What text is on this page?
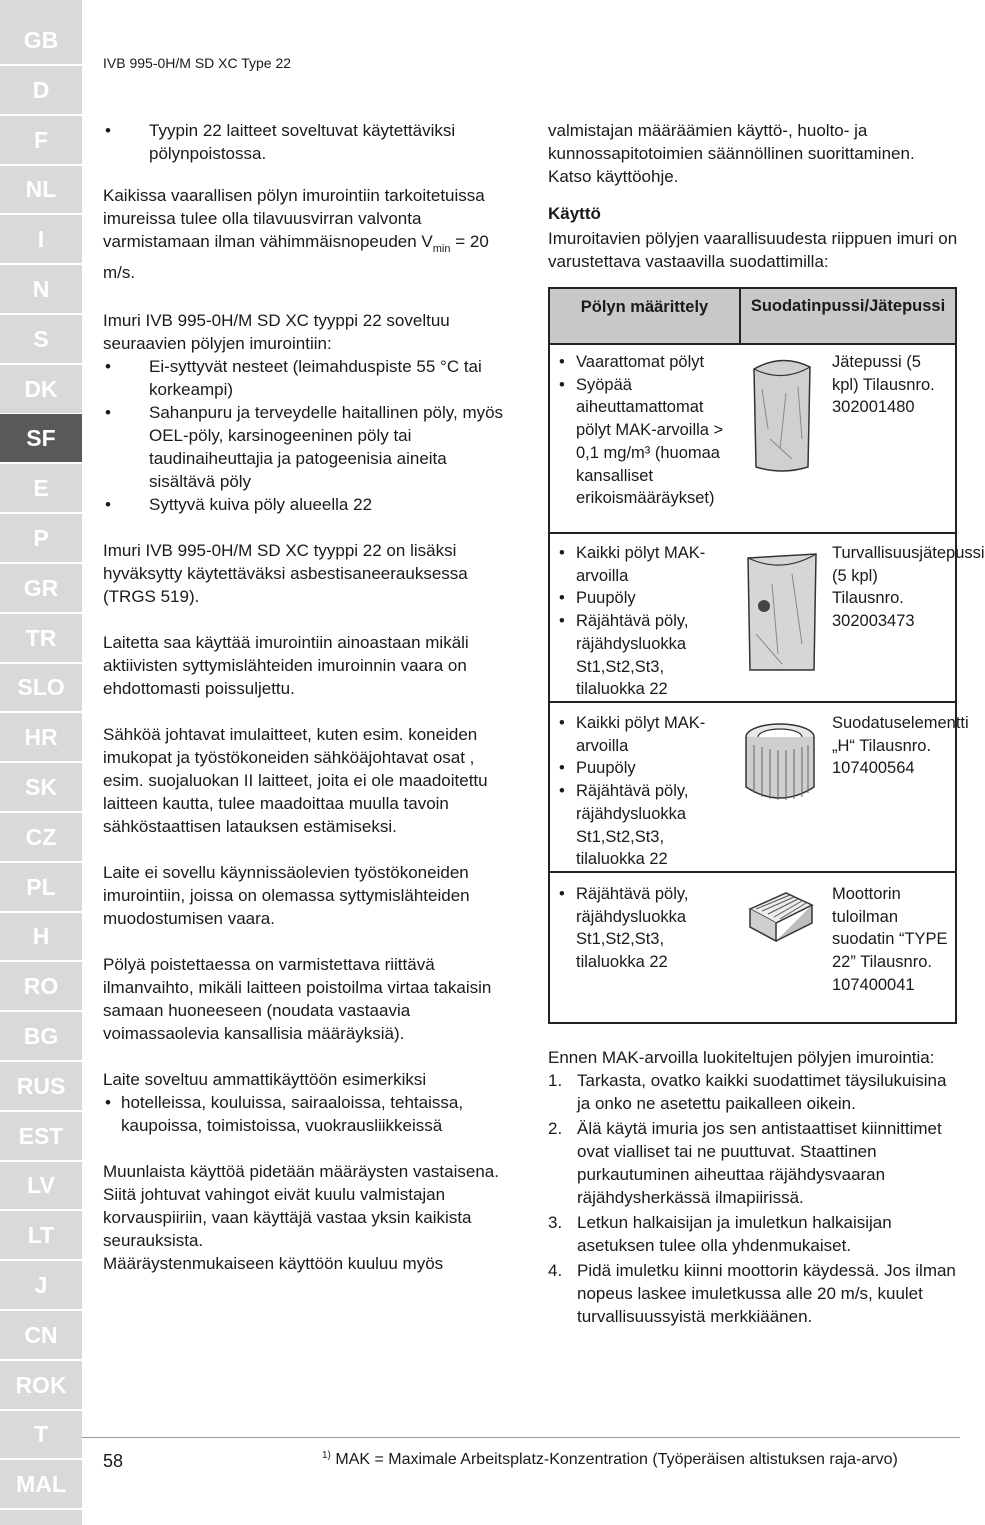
GB
D
F
NL
I
N
S
DK
SF
E
P
GR
TR
SLO
HR
SK
CZ
PL
H
RO
BG
RUS
EST
LV
LT
J
CN
ROK
T
MAL
IVB 995-0H/M SD XC Type 22

• Tyypin 22 laitteet soveltuvat käytettäviksi pölynpoistossa.

Kaikissa vaarallisen pölyn imurointiin tarkoitetuissa imureissa tulee olla tilavuusvirran valvonta varmistamaan ilman vähimmäisnopeuden $V_{min} = 20$ m/s.

Imuri IVB 995-0H/M SD XC tyyppi 22 soveltuu seuraavien pölyjen imurointiin:

• Ei-syttyvät nesteet (leimahduspiste 55 °C tai korkeampi)

• Sahanpuru ja terveydelle haitallinen pöly, myös OEL-pöly, karsinogeeninen pöly tai taudinaiheuttajia ja patogeenisia aineita sisältävä pöly

• Syttyvä kuiva pöly alueella 22

Imuri IVB 995-0H/M SD XC tyyppi 22 on lisäksi hyväksytty käytettäväksi asbestisaneerauksessa (TRGS 519).

Laitetta saa käyttää imurointiin ainoastaan mikäli aktiivisten syttymislähteiden imuroinnin vaara on ehdottomasti poissuljettu.

Sähköä johtavat imulaitteet, kuten esim. koneiden imukopat ja työstökoneiden sähköäjohtavat osat , esim. suojaluokan II laitteet, joita ei ole maadoitettu laitteen kautta, tulee maadoittaa muulla tavoin sähköstaattisen latauksen estämiseksi.

Laite ei sovellu käynnissäolevien työstökoneiden imurointiin, joissa on olemassa syttymislähteiden muodostumisen vaara.

Pölyä poistettaessa on varmistettava riittävä ilmanvaihto, mikäli laitteen poistoilma virtaa takaisin samaan huoneeseen (noudata vastaavia voimassaolevia kansallisia määräyksiä).

Laite soveltuu ammattikäyttöön esimerkiksi

• hotelleissa, kouluissa, sairaaloissa, tehtaissa, kaupoissa, toimistoissa, vuokrausliikkeissä

Muunlaista käyttöä pidetään määräysten vastaisena. Siitä johtuvat vahingot eivät kuulu valmistajan korvauspiiriin, vaan käyttäjä vastaa yksin kaikista seurauksista.

Määräystenmukaiseen käyttöön kuuluu myös

valmistajan määräämien käyttö-, huolto- ja kunnossapitotoimien säännöllinen suorittaminen. Katso käyttöohje.

Käyttö

Imuroitavien pölyjen vaarallisuudesta riippuen imuri on varustettava vastaavilla suodattimilla:

Pölyn määrittely	Suodatinpussi/Jätepussi
• Vaarattomat pölyt
• Syöpää aiheuttamattomat pölyt MAK-arvoilla > 0,1 mg/m³ (huomaa kansalliset erikoismääräykset)
Jätepussi (5 kpl) Tilausnro. 302001480
• Kaikki pölyt MAK-arvoilla
• Puupöly
• Räjähtävä pöly, räjähdysluokka St1,St2,St3, tilaluokka 22
Turvallisuusjätepussi (5 kpl) Tilausnro. 302003473
• Kaikki pölyt MAK-arvoilla
• Puupöly
• Räjähtävä pöly, räjähdysluokka St1,St2,St3, tilaluokka 22
Suodatuselementti „H“ Tilausnro. 107400564
• Räjähtävä pöly, räjähdysluokka St1,St2,St3, tilaluokka 22
Moottorin tuloilman suodatin “TYPE 22” Tilausnro. 107400041

Ennen MAK-arvoilla luokiteltujen pölyjen imurointia:

1. Tarkasta, ovatko kaikki suodattimet täysilukuisina ja onko ne asetettu paikalleen oikein.

2. Älä käytä imuria jos sen antistaattiset kiinnittimet ovat vialliset tai ne puuttuvat. Staattinen purkautuminen aiheuttaa räjähdysvaaran räjähdysherkässä ilmapiirissä.

3. Letkun halkaisijan ja imuletkun halkaisijan asetuksen tulee olla yhdenmukaiset.

4. Pidä imuletku kiinni moottorin käydessä. Jos ilman nopeus laskee imuletkussa alle 20 m/s, kuulet turvallisuussyistä merkkiäänen.

58	$^{1)}$ MAK = Maximale Arbeitsplatz-Konzentration (Työperäisen altistuksen raja-arvo)
